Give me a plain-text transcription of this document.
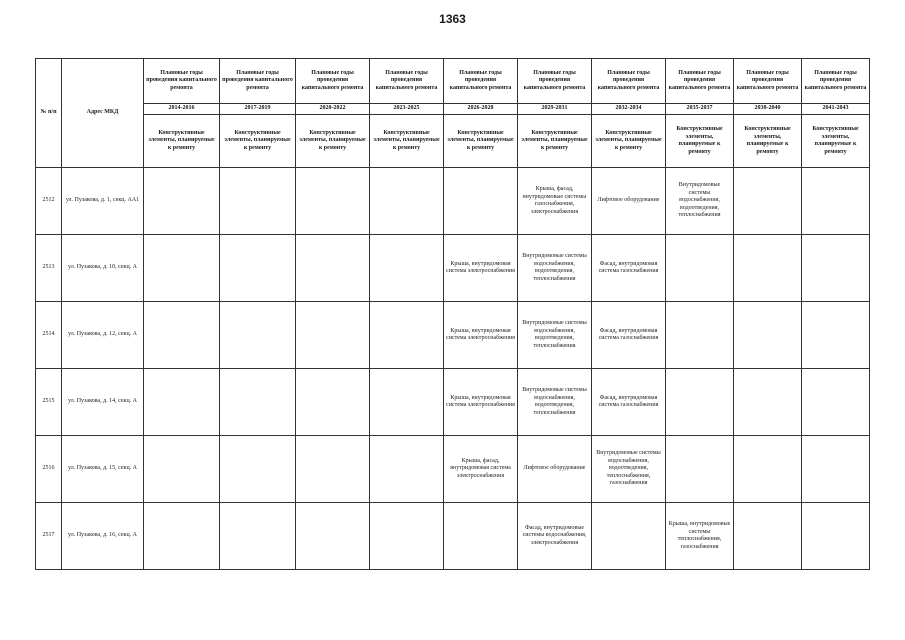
1363
№ п/п	Адрес МКД	Плановые годы проведения капитального ремонта	Плановые годы проведения капитального ремонта	Плановые годы проведения капитального ремонта	Плановые годы проведения капитального ремонта	Плановые годы проведения капитального ремонта	Плановые годы проведения капитального ремонта	Плановые годы проведения капитального ремонта	Плановые годы проведения капитального ремонта	Плановые годы проведения капитального ремонта	Плановые годы проведения капитального ремонта
		2014-2016	2017-2019	2020-2022	2023-2025	2026-2028	2029-2031	2032-2034	2035-2037	2038-2040	2041-2043
		Конструктивные элементы, планируемые к ремонту	Конструктивные элементы, планируемые к ремонту	Конструктивные элементы, планируемые к ремонту	Конструктивные элементы, планируемые к ремонту	Конструктивные элементы, планируемые к ремонту	Конструктивные элементы, планируемые к ремонту	Конструктивные элементы, планируемые к ремонту	Конструктивные элементы, планируемые к ремонту	Конструктивные элементы, планируемые к ремонту	Конструктивные элементы, планируемые к ремонту
2512	ул. Пузакова, д. 1, секц. АА1						Крыша, фасад, внутридомовые системы газоснабжения, электроснабжения	Лифтовое оборудование	Внутридомовые системы водоснабжения, водоотведения, теплоснабжения		
2513	ул. Пузакова, д. 10, секц. А					Крыша, внутридомовая система электроснабжения	Внутридомовые системы водоснабжения, водоотведения, теплоснабжения	Фасад, внутридомовая система газоснабжения			
2514	ул. Пузакова, д. 12, секц. А					Крыша, внутридомовая система электроснабжения	Внутридомовые системы водоснабжения, водоотведения, теплоснабжения	Фасад, внутридомовая система газоснабжения			
2515	ул. Пузакова, д. 14, секц. А					Крыша, внутридомовая система электроснабжения	Внутридомовые системы водоснабжения, водоотведения, теплоснабжения	Фасад, внутридомовая система газоснабжения			
2516	ул. Пузакова, д. 15, секц. А					Крыша, фасад, внутридомовая система электроснабжения	Лифтовое оборудование	Внутридомовые системы водоснабжения, водоотведения, теплоснабжения, газоснабжения			
2517	ул. Пузакова, д. 16, секц. А						Фасад, внутридомовые системы водоснабжения, электроснабжения		Крыша, внутридомовые системы теплоснабжения, газоснабжения		
